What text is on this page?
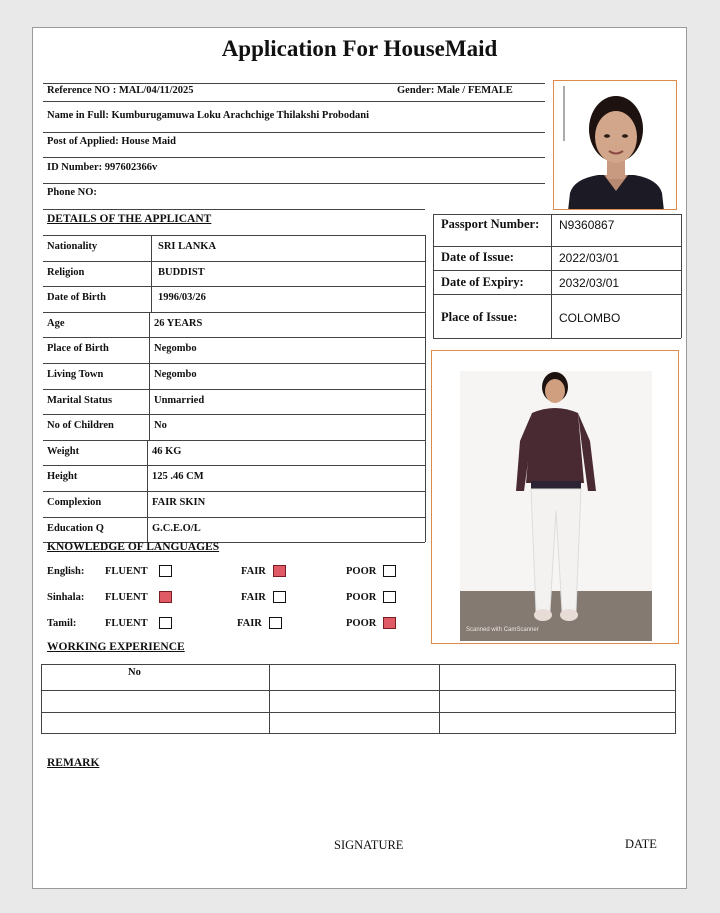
Application For HouseMaid
Reference NO : MAL/04/11/2025	Gender: Male / FEMALE
Name in Full: Kumburugamuwa Loku Arachchige Thilakshi Probodani
Post of Applied: House Maid
ID Number: 997602366v
Phone NO:
DETAILS OF THE APPLICANT
Nationality	SRI LANKA
Religion	BUDDIST
Date of Birth	1996/03/26
Age	26 YEARS
Place of Birth	Negombo
Living Town	Negombo
Marital Status	Unmarried
No of Children	No
Weight	46 KG
Height	125 .46 CM
Complexion	FAIR SKIN
Education Q	G.C.E.O/L
Passport Number: N9360867
Date of Issue:	2022/03/01
Date of Expiry:	2032/03/01
Place of Issue:	COLOMBO
Scanned with CamScanner
KNOWLEDGE OF LANGUAGES
English: FLUENT	FAIR	POOR
Sinhala: FLUENT	FAIR	POOR
Tamil:	FLUENT	FAIR	POOR
WORKING EXPERIENCE
No
REMARK
SIGNATURE	DATE
